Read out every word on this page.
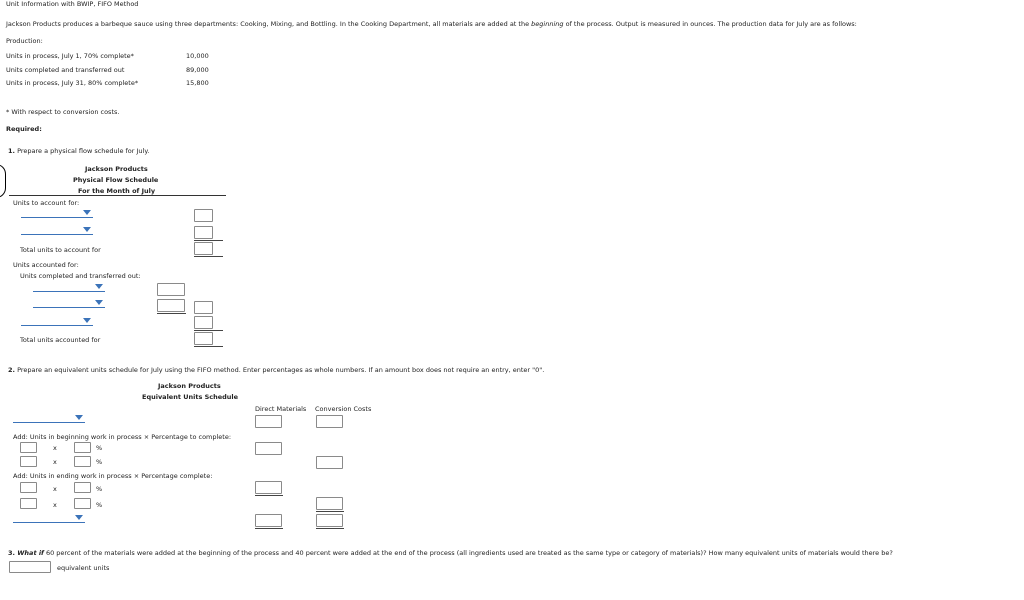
Unit Information with BWIP, FIFO Method
Jackson Products produces a barbeque sauce using three departments: Cooking, Mixing, and Bottling. In the Cooking Department, all materials are added at the beginning of the process. Output is measured in ounces. The production data for July are as follows:
Production:
Units in process, July 1, 70% complete*	10,000
Units completed and transferred out	89,000
Units in process, July 31, 80% complete*	15,800
* With respect to conversion costs.
Required:
1. Prepare a physical flow schedule for July.
Jackson Products
Physical Flow Schedule
For the Month of July
Units to account for:
Total units to account for
Units accounted for:
Units completed and transferred out:
Total units accounted for
2. Prepare an equivalent units schedule for July using the FIFO method. Enter percentages as whole numbers. If an amount box does not require an entry, enter "0".
Jackson Products
Equivalent Units Schedule
Direct Materials Conversion Costs
Add: Units in beginning work in process × Percentage to complete:
x	%
x	%
Add: Units in ending work in process × Percentage complete:
x	%
x	%
3. What if 60 percent of the materials were added at the beginning of the process and 40 percent were added at the end of the process (all ingredients used are treated as the same type or category of materials)? How many equivalent units of materials would there be?
equivalent units
